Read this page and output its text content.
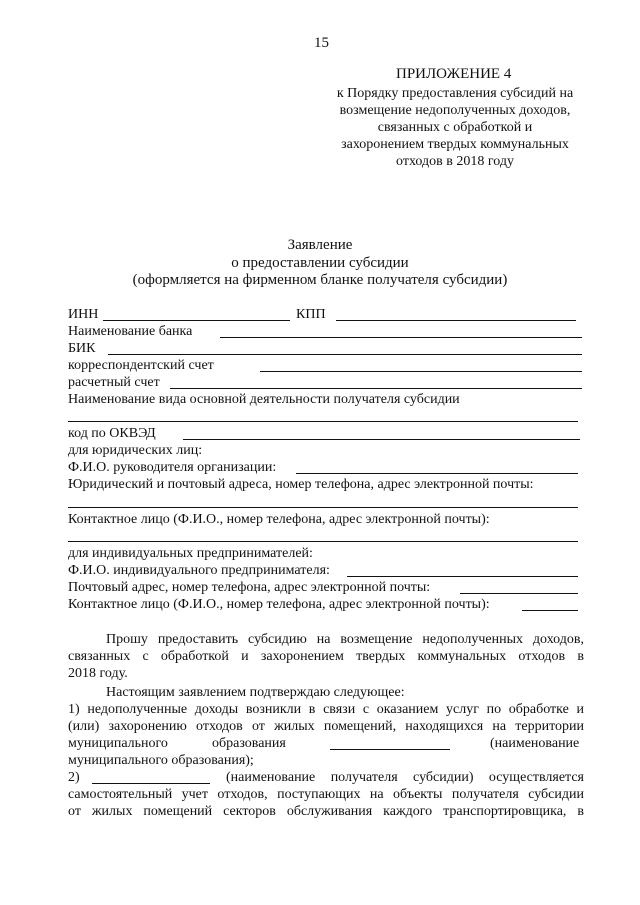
15
ПРИЛОЖЕНИЕ 4
к Порядку предоставления субсидий на
возмещение недополученных доходов,
связанных с обработкой и
захоронением твердых коммунальных
отходов в 2018 году
Заявление
о предоставлении субсидии
(оформляется на фирменном бланке получателя субсидии)
ИНН	КПП
Наименование банка
БИК
корреспондентский счет
расчетный счет
Наименование вида основной деятельности получателя субсидии
код по ОКВЭД
для юридических лиц:
Ф.И.О. руководителя организации:
Юридический и почтовый адреса, номер телефона, адрес электронной почты:
Контактное лицо (Ф.И.О., номер телефона, адрес электронной почты):
для индивидуальных предпринимателей:
Ф.И.О. индивидуального предпринимателя:
Почтовый адрес, номер телефона, адрес электронной почты:
Контактное лицо (Ф.И.О., номер телефона, адрес электронной почты):
Прошу предоставить субсидию на возмещение недополученных доходов,
связанных с обработкой и захоронением твердых коммунальных отходов в
2018 году.
Настоящим заявлением подтверждаю следующее:
1) недополученные доходы возникли в связи с оказанием услуг по обработке и
(или) захоронению отходов от жилых помещений, находящихся на территории
муниципального	образования	(наименование
муниципального образования);
2)	(наименование получателя субсидии) осуществляется
самостоятельный учет отходов, поступающих на объекты получателя субсидии
от жилых помещений секторов обслуживания каждого транспортировщика, в
